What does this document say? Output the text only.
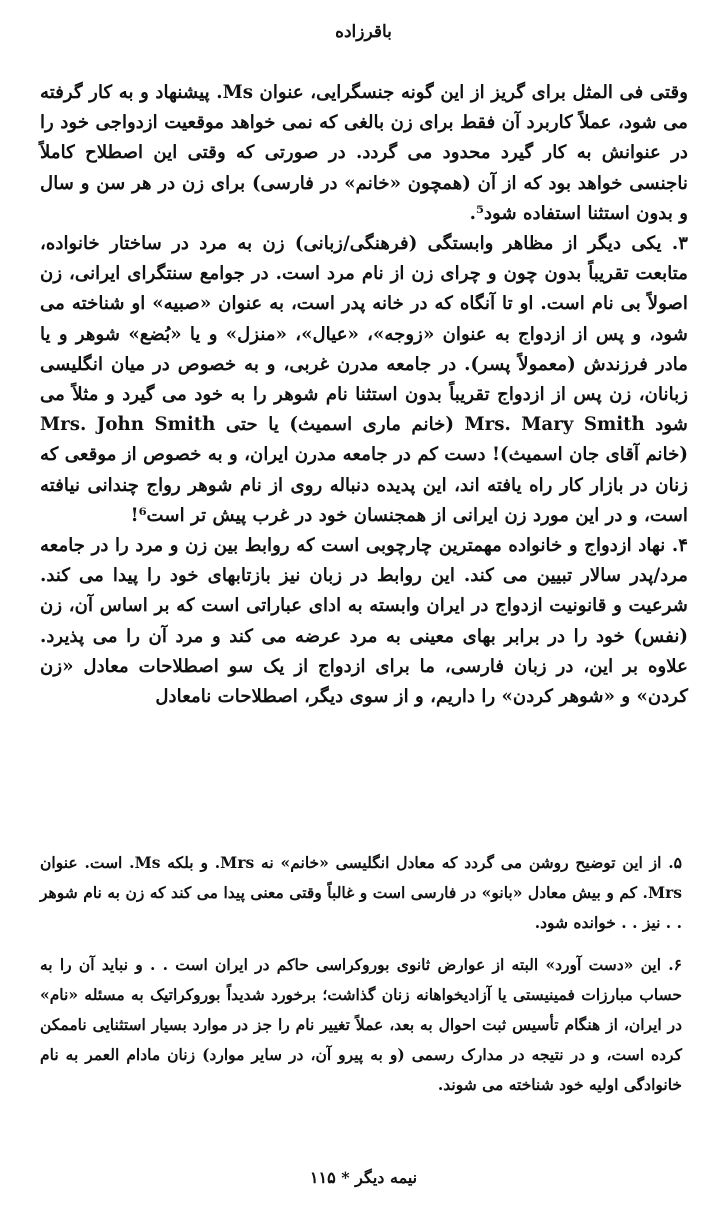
باقرزاده

وقتی فی المثل برای گریز از این گونه جنسگرایی، عنوان Ms. پیشنهاد و به کار گرفته می شود، عملاً کاربرد آن فقط برای زن بالغی که نمی خواهد موقعیت ازدواجی خود را در عنوانش به کار گیرد محدود می گردد. در صورتی که وقتی این اصطلاح کاملاً ناجنسی خواهد بود که از آن (همچون «خانم» در فارسی) برای زن در هر سن و سال و بدون استثنا استفاده شود⁵.

۳. یکی دیگر از مظاهر وابستگی (فرهنگی/زبانی) زن به مرد در ساختار خانواده، متابعت تقریباً بدون چون و چرای زن از نام مرد است. در جوامع سنتگرای ایرانی، زن اصولاً بی نام است. او تا آنگاه که در خانه پدر است، به عنوان «صبیه» او شناخته می شود، و پس از ازدواج به عنوان «زوجه»، «عیال»، «منزل» و یا «بُضع» شوهر و یا مادر فرزندش (معمولاً پسر). در جامعه مدرن غربی، و به خصوص در میان انگلیسی زبانان، زن پس از ازدواج تقریباً بدون استثنا نام شوهر را به خود می گیرد و مثلاً می شود Mrs. Mary Smith (خانم ماری اسمیث) یا حتی Mrs. John Smith (خانم آقای جان اسمیث)! دست کم در جامعه مدرن ایران، و به خصوص از موقعی که زنان در بازار کار راه یافته اند، این پدیده دنباله روی از نام شوهر رواج چندانی نیافته است، و در این مورد زن ایرانی از همجنسان خود در غرب پیش تر است⁶!

۴. نهاد ازدواج و خانواده مهمترین چارچوبی است که روابط بین زن و مرد را در جامعه مرد/پدر سالار تبیین می کند. این روابط در زبان نیز بازتابهای خود را پیدا می کند. شرعیت و قانونیت ازدواج در ایران وابسته به ادای عباراتی است که بر اساس آن، زن (نفس) خود را در برابر بهای معینی به مرد عرضه می کند و مرد آن را می پذیرد. علاوه بر این، در زبان فارسی، ما برای ازدواج از یک سو اصطلاحات معادل «زن کردن» و «شوهر کردن» را داریم، و از سوی دیگر، اصطلاحات نامعادل

۵. از این توضیح روشن می گردد که معادل انگلیسی «خانم» نه Mrs. و بلکه Ms. است. عنوان Mrs. کم و بیش معادل «بانو» در فارسی است و غالباً وقتی معنی پیدا می کند که زن به نام شوهر . . نیز . . خوانده شود.

۶. این «دست آورد» البته از عوارض ثانوی بوروکراسی حاکم در ایران است . . و نباید آن را به حساب مبارزات فمینیستی یا آزادیخواهانه زنان گذاشت؛ برخورد شدیداً بوروکراتیک به مسئله «نام» در ایران، از هنگام تأسیس ثبت احوال به بعد، عملاً تغییر نام را جز در موارد بسیار استثنایی ناممکن کرده است، و در نتیجه در مدارک رسمی (و به پیرو آن، در سایر موارد) زنان مادام العمر به نام خانوادگی اولیه خود شناخته می شوند.

نیمه دیگر * ۱۱۵
